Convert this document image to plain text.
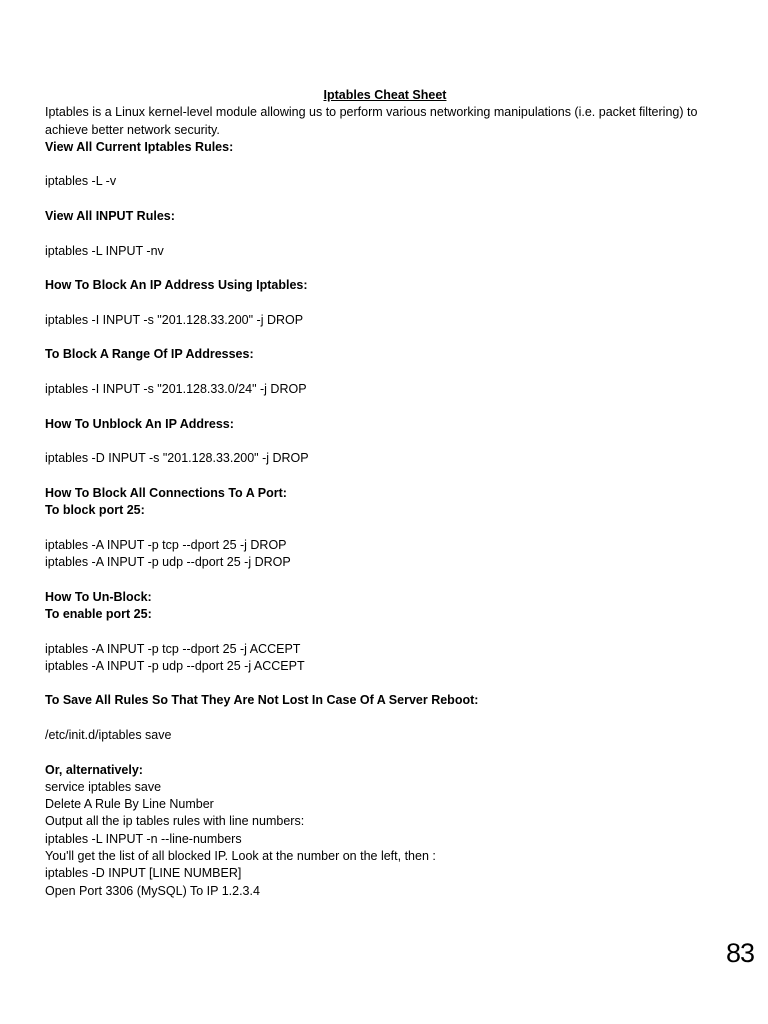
Iptables Cheat Sheet

Iptables is a Linux kernel-level module allowing us to perform various networking manipulations (i.e. packet filtering) to achieve better network security.

View All Current Iptables Rules:

iptables -L -v

View All INPUT Rules:

iptables -L INPUT -nv

How To Block An IP Address Using Iptables:

iptables -I INPUT -s "201.128.33.200" -j DROP

To Block A Range Of IP Addresses:

iptables -I INPUT -s "201.128.33.0/24" -j DROP

How To Unblock An IP Address:

iptables -D INPUT -s "201.128.33.200" -j DROP

How To Block All Connections To A Port:

To block port 25:

iptables -A INPUT -p tcp --dport 25 -j DROP

iptables -A INPUT -p udp --dport 25 -j DROP

How To Un-Block:

To enable port 25:

iptables -A INPUT -p tcp --dport 25 -j ACCEPT

iptables -A INPUT -p udp --dport 25 -j ACCEPT

To Save All Rules So That They Are Not Lost In Case Of A Server Reboot:

/etc/init.d/iptables save

Or, alternatively:

service iptables save

Delete A Rule By Line Number

Output all the ip tables rules with line numbers:

iptables -L INPUT -n --line-numbers

You'll get the list of all blocked IP. Look at the number on the left, then :

iptables -D INPUT [LINE NUMBER]

Open Port 3306 (MySQL) To IP 1.2.3.4

83
